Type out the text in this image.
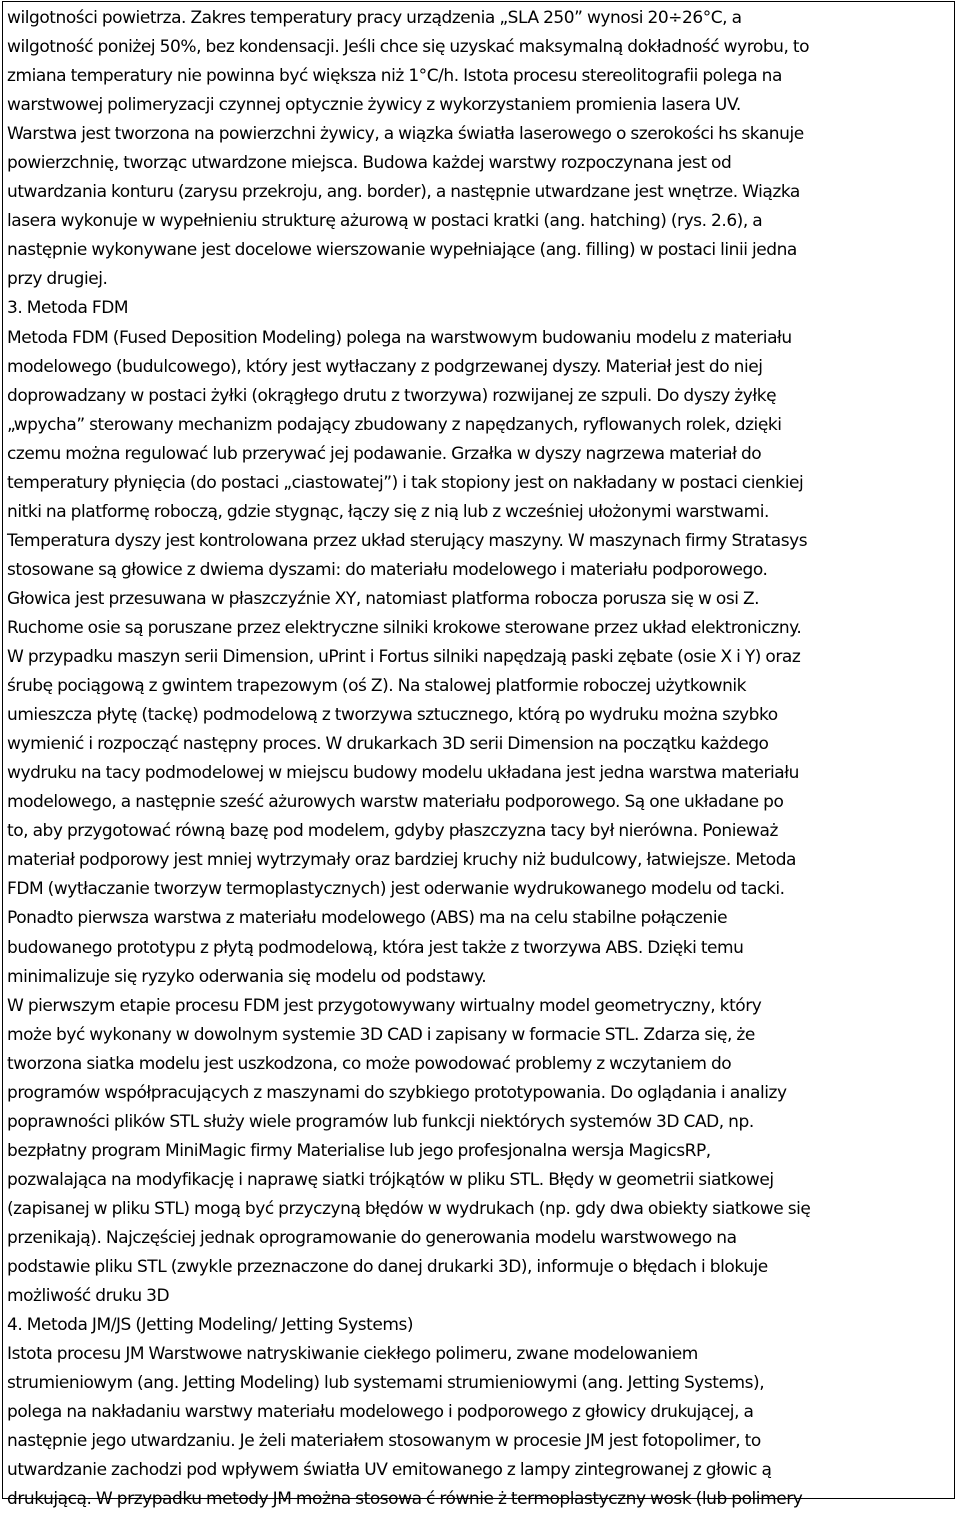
wilgotności powietrza. Zakres temperatury pracy urządzenia „SLA 250” wynosi 20÷26°C, a
wilgotność poniżej 50%, bez kondensacji. Jeśli chce się uzyskać maksymalną dokładność wyrobu, to
zmiana temperatury nie powinna być większa niż 1°C/h. Istota procesu stereolitografii polega na
warstwowej polimeryzacji czynnej optycznie żywicy z wykorzystaniem promienia lasera UV.
Warstwa jest tworzona na powierzchni żywicy, a wiązka światła laserowego o szerokości hs skanuje
powierzchnię, tworząc utwardzone miejsca. Budowa każdej warstwy rozpoczynana jest od
utwardzania konturu (zarysu przekroju, ang. border), a następnie utwardzane jest wnętrze. Wiązka
lasera wykonuje w wypełnieniu strukturę ażurową w postaci kratki (ang. hatching) (rys. 2.6), a
następnie wykonywane jest docelowe wierszowanie wypełniające (ang. filling) w postaci linii jedna
przy drugiej.
3. Metoda FDM
Metoda FDM (Fused Deposition Modeling) polega na warstwowym budowaniu modelu z materiału
modelowego (budulcowego), który jest wytłaczany z podgrzewanej dyszy. Materiał jest do niej
doprowadzany w postaci żyłki (okrągłego drutu z tworzywa) rozwijanej ze szpuli. Do dyszy żyłkę
„wpycha” sterowany mechanizm podający zbudowany z napędzanych, ryflowanych rolek, dzięki
czemu można regulować lub przerywać jej podawanie. Grzałka w dyszy nagrzewa materiał do
temperatury płynięcia (do postaci „ciastowatej”) i tak stopiony jest on nakładany w postaci cienkiej
nitki na platformę roboczą, gdzie stygnąc, łączy się z nią lub z wcześniej ułożonymi warstwami.
Temperatura dyszy jest kontrolowana przez układ sterujący maszyny. W maszynach firmy Stratasys
stosowane są głowice z dwiema dyszami: do materiału modelowego i materiału podporowego.
Głowica jest przesuwana w płaszczyźnie XY, natomiast platforma robocza porusza się w osi Z.
Ruchome osie są poruszane przez elektryczne silniki krokowe sterowane przez układ elektroniczny.
W przypadku maszyn serii Dimension, uPrint i Fortus silniki napędzają paski zębate (osie X i Y) oraz
śrubę pociągową z gwintem trapezowym (oś Z). Na stalowej platformie roboczej użytkownik
umieszcza płytę (tackę) podmodelową z tworzywa sztucznego, którą po wydruku można szybko
wymienić i rozpocząć następny proces. W drukarkach 3D serii Dimension na początku każdego
wydruku na tacy podmodelowej w miejscu budowy modelu układana jest jedna warstwa materiału
modelowego, a następnie sześć ażurowych warstw materiału podporowego. Są one układane po
to, aby przygotować równą bazę pod modelem, gdyby płaszczyzna tacy był nierówna. Ponieważ
materiał podporowy jest mniej wytrzymały oraz bardziej kruchy niż budulcowy, łatwiejsze. Metoda
FDM (wytłaczanie tworzyw termoplastycznych) jest oderwanie wydrukowanego modelu od tacki.
Ponadto pierwsza warstwa z materiału modelowego (ABS) ma na celu stabilne połączenie
budowanego prototypu z płytą podmodelową, która jest także z tworzywa ABS. Dzięki temu
minimalizuje się ryzyko oderwania się modelu od podstawy.
W pierwszym etapie procesu FDM jest przygotowywany wirtualny model geometryczny, który
może być wykonany w dowolnym systemie 3D CAD i zapisany w formacie STL. Zdarza się, że
tworzona siatka modelu jest uszkodzona, co może powodować problemy z wczytaniem do
programów współpracujących z maszynami do szybkiego prototypowania. Do oglądania i analizy
poprawności plików STL służy wiele programów lub funkcji niektórych systemów 3D CAD, np.
bezpłatny program MiniMagic firmy Materialise lub jego profesjonalna wersja MagicsRP,
pozwalająca na modyfikację i naprawę siatki trójkątów w pliku STL. Błędy w geometrii siatkowej
(zapisanej w pliku STL) mogą być przyczyną błędów w wydrukach (np. gdy dwa obiekty siatkowe się
przenikają). Najczęściej jednak oprogramowanie do generowania modelu warstwowego na
podstawie pliku STL (zwykle przeznaczone do danej drukarki 3D), informuje o błędach i blokuje
możliwość druku 3D
4. Metoda JM/JS (Jetting Modeling/ Jetting Systems)
Istota procesu JM Warstwowe natryskiwanie ciekłego polimeru, zwane modelowaniem
strumieniowym (ang. Jetting Modeling) lub systemami strumieniowymi (ang. Jetting Systems),
polega na nakładaniu warstwy materiału modelowego i podporowego z głowicy drukującej, a
następnie jego utwardzaniu. Je żeli materiałem stosowanym w procesie JM jest fotopolimer, to
utwardzanie zachodzi pod wpływem światła UV emitowanego z lampy zintegrowanej z głowic ą
drukującą. W przypadku metody JM można stosowa ć równie ż termoplastyczny wosk (lub polimery
